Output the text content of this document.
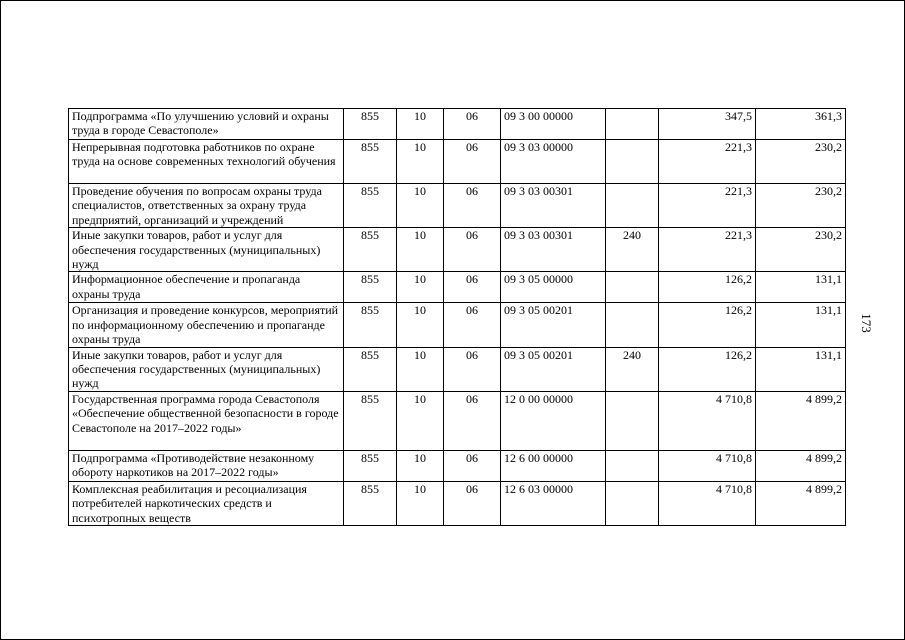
Подпрограмма «По улучшению условий и охраны труда в городе Севастополе»	855	10	06	09 3 00 00000		347,5	361,3
Непрерывная подготовка работников по охране труда на основе современных технологий обучения	855	10	06	09 3 03 00000		221,3	230,2
Проведение обучения по вопросам охраны труда специалистов, ответственных за охрану труда предприятий, организаций и учреждений	855	10	06	09 3 03 00301		221,3	230,2
Иные закупки товаров, работ и услуг для обеспечения государственных (муниципальных) нужд	855	10	06	09 3 03 00301	240	221,3	230,2
Информационное обеспечение и пропаганда охраны труда	855	10	06	09 3 05 00000		126,2	131,1
Организация и проведение конкурсов, мероприятий по информационному обеспечению и пропаганде охраны труда	855	10	06	09 3 05 00201		126,2	131,1
Иные закупки товаров, работ и услуг для обеспечения государственных (муниципальных) нужд	855	10	06	09 3 05 00201	240	126,2	131,1
Государственная программа города Севастополя «Обеспечение общественной безопасности в городе Севастополе на 2017–2022 годы»	855	10	06	12 0 00 00000		4 710,8	4 899,2
Подпрограмма «Противодействие незаконному обороту наркотиков на 2017–2022 годы»	855	10	06	12 6 00 00000		4 710,8	4 899,2
Комплексная реабилитация и ресоциализация потребителей наркотических средств и психотропных веществ	855	10	06	12 6 03 00000		4 710,8	4 899,2
173
